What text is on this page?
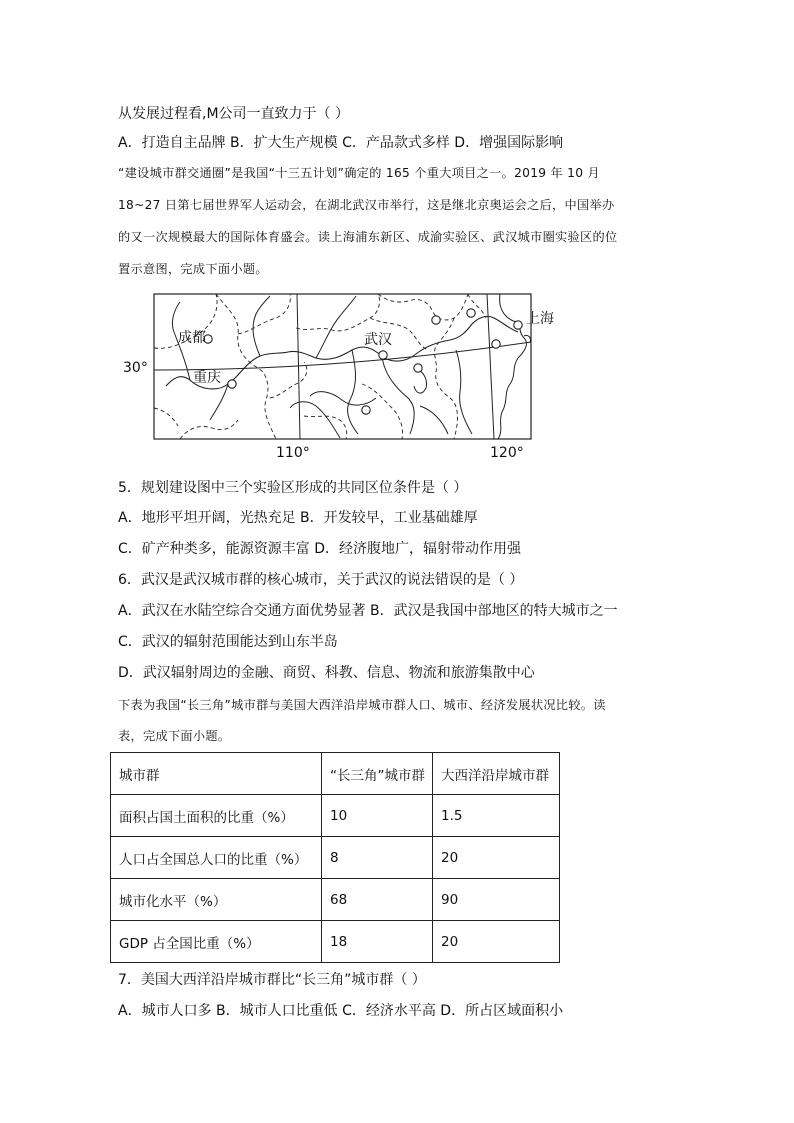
从发展过程看,M公司一直致力于（ ）
A．打造自主品牌 B．扩大生产规模 C．产品款式多样 D．增强国际影响
“建设城市群交通圈”是我国“十三五计划”确定的 165 个重大项目之一。2019 年 10 月
18~27 日第七届世界军人运动会，在湖北武汉市举行，这是继北京奥运会之后，中国举办
的又一次规模最大的国际体育盛会。读上海浦东新区、成渝实验区、武汉城市圈实验区的位
置示意图，完成下面小题。
成都
重庆
武汉
上海
30°
110°	120°
5．规划建设图中三个实验区形成的共同区位条件是（ ）
A．地形平坦开阔，光热充足 B．开发较早，工业基础雄厚
C．矿产种类多，能源资源丰富 D．经济腹地广，辐射带动作用强
6．武汉是武汉城市群的核心城市，关于武汉的说法错误的是（ ）
A．武汉在水陆空综合交通方面优势显著 B．武汉是我国中部地区的特大城市之一
C．武汉的辐射范围能达到山东半岛
D．武汉辐射周边的金融、商贸、科教、信息、物流和旅游集散中心
下表为我国“长三角”城市群与美国大西洋沿岸城市群人口、城市、经济发展状况比较。读
表，完成下面小题。
城市群	“长三角”城市群	大西洋沿岸城市群
面积占国土面积的比重（%）	10	1.5
人口占全国总人口的比重（%）	8	20
城市化水平（%）	68	90
GDP 占全国比重（%）	18	20
7．美国大西洋沿岸城市群比“长三角”城市群（ ）
A．城市人口多 B．城市人口比重低 C．经济水平高 D．所占区域面积小
